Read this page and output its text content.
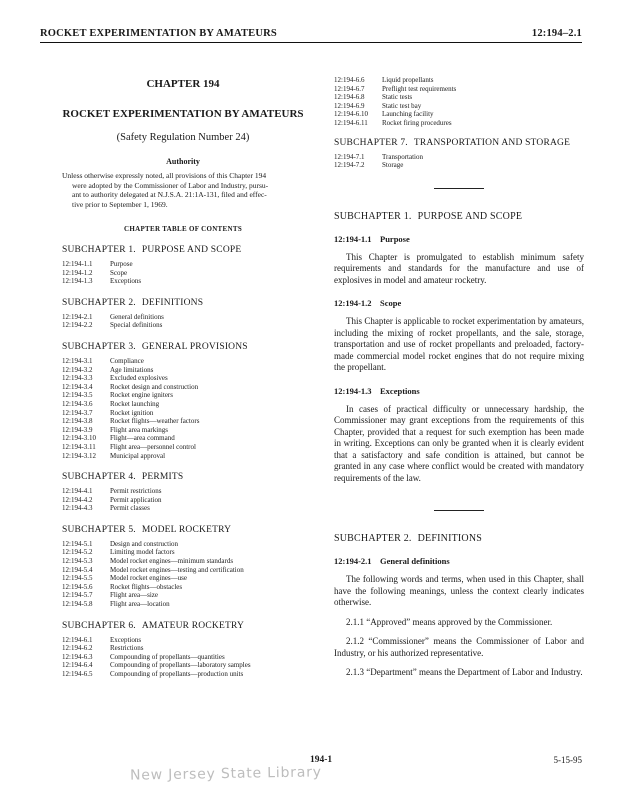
ROCKET EXPERIMENTATION BY AMATEURS	12:194–2.1
CHAPTER 194
ROCKET EXPERIMENTATION BY AMATEURS
(Safety Regulation Number 24)
Authority
Unless otherwise expressly noted, all provisions of this Chapter 194
were adopted by the Commissioner of Labor and Industry, pursu-
ant to authority delegated at N.J.S.A. 21:1A-131, filed and effec-
tive prior to September 1, 1969.
CHAPTER TABLE OF CONTENTS
SUBCHAPTER 1. PURPOSE AND SCOPE
12:194-1.1 Purpose
12:194-1.2 Scope
12:194-1.3 Exceptions
SUBCHAPTER 2. DEFINITIONS
12:194-2.1 General definitions
12:194-2.2 Special definitions
SUBCHAPTER 3. GENERAL PROVISIONS
12:194-3.1 Compliance
12:194-3.2 Age limitations
12:194-3.3 Excluded explosives
12:194-3.4 Rocket design and construction
12:194-3.5 Rocket engine igniters
12:194-3.6 Rocket launching
12:194-3.7 Rocket ignition
12:194-3.8 Rocket flights—weather factors
12:194-3.9 Flight area markings
12:194-3.10 Flight—area command
12:194-3.11 Flight area—personnel control
12:194-3.12 Municipal approval
SUBCHAPTER 4. PERMITS
12:194-4.1 Permit restrictions
12:194-4.2 Permit application
12:194-4.3 Permit classes
SUBCHAPTER 5. MODEL ROCKETRY
12:194-5.1 Design and construction
12:194-5.2 Limiting model factors
12:194-5.3 Model rocket engines—minimum standards
12:194-5.4 Model rocket engines—testing and certification
12:194-5.5 Model rocket engines—use
12:194-5.6 Rocket flights—obstacles
12:194-5.7 Flight area—size
12:194-5.8 Flight area—location
SUBCHAPTER 6. AMATEUR ROCKETRY
12:194-6.1 Exceptions
12:194-6.2 Restrictions
12:194-6.3 Compounding of propellants—quantities
12:194-6.4 Compounding of propellants—laboratory samples
12:194-6.5 Compounding of propellants—production units
12:194-6.6 Liquid propellants
12:194-6.7 Preflight test requirements
12:194-6.8 Static tests
12:194-6.9 Static test bay
12:194-6.10 Launching facility
12:194-6.11 Rocket firing procedures
SUBCHAPTER 7. TRANSPORTATION AND STORAGE
12:194-7.1 Transportation
12:194-7.2 Storage
SUBCHAPTER 1. PURPOSE AND SCOPE
12:194-1.1 Purpose
This Chapter is promulgated to establish minimum safety requirements and standards for the manufacture and use of explosives in model and amateur rocketry.
12:194-1.2 Scope
This Chapter is applicable to rocket experimentation by amateurs, including the mixing of rocket propellants, and the sale, storage, transportation and use of rocket propellants and preloaded, factory-made commercial model rocket engines that do not require mixing the propellant.
12:194-1.3 Exceptions
In cases of practical difficulty or unnecessary hardship, the Commissioner may grant exceptions from the requirements of this Chapter, provided that a request for such exemption has been made in writing. Exceptions can only be granted when it is clearly evident that a satisfactory and safe condition is attained, but cannot be granted in any case where conflict would be created with mandatory requirements of the law.
SUBCHAPTER 2. DEFINITIONS
12:194-2.1 General definitions
The following words and terms, when used in this Chapter, shall have the following meanings, unless the context clearly indicates otherwise.
2.1.1 “Approved” means approved by the Commissioner.
2.1.2 “Commissioner” means the Commissioner of Labor and Industry, or his authorized representative.
2.1.3 “Department” means the Department of Labor and Industry.
194-1	5-15-95
New Jersey State Library
